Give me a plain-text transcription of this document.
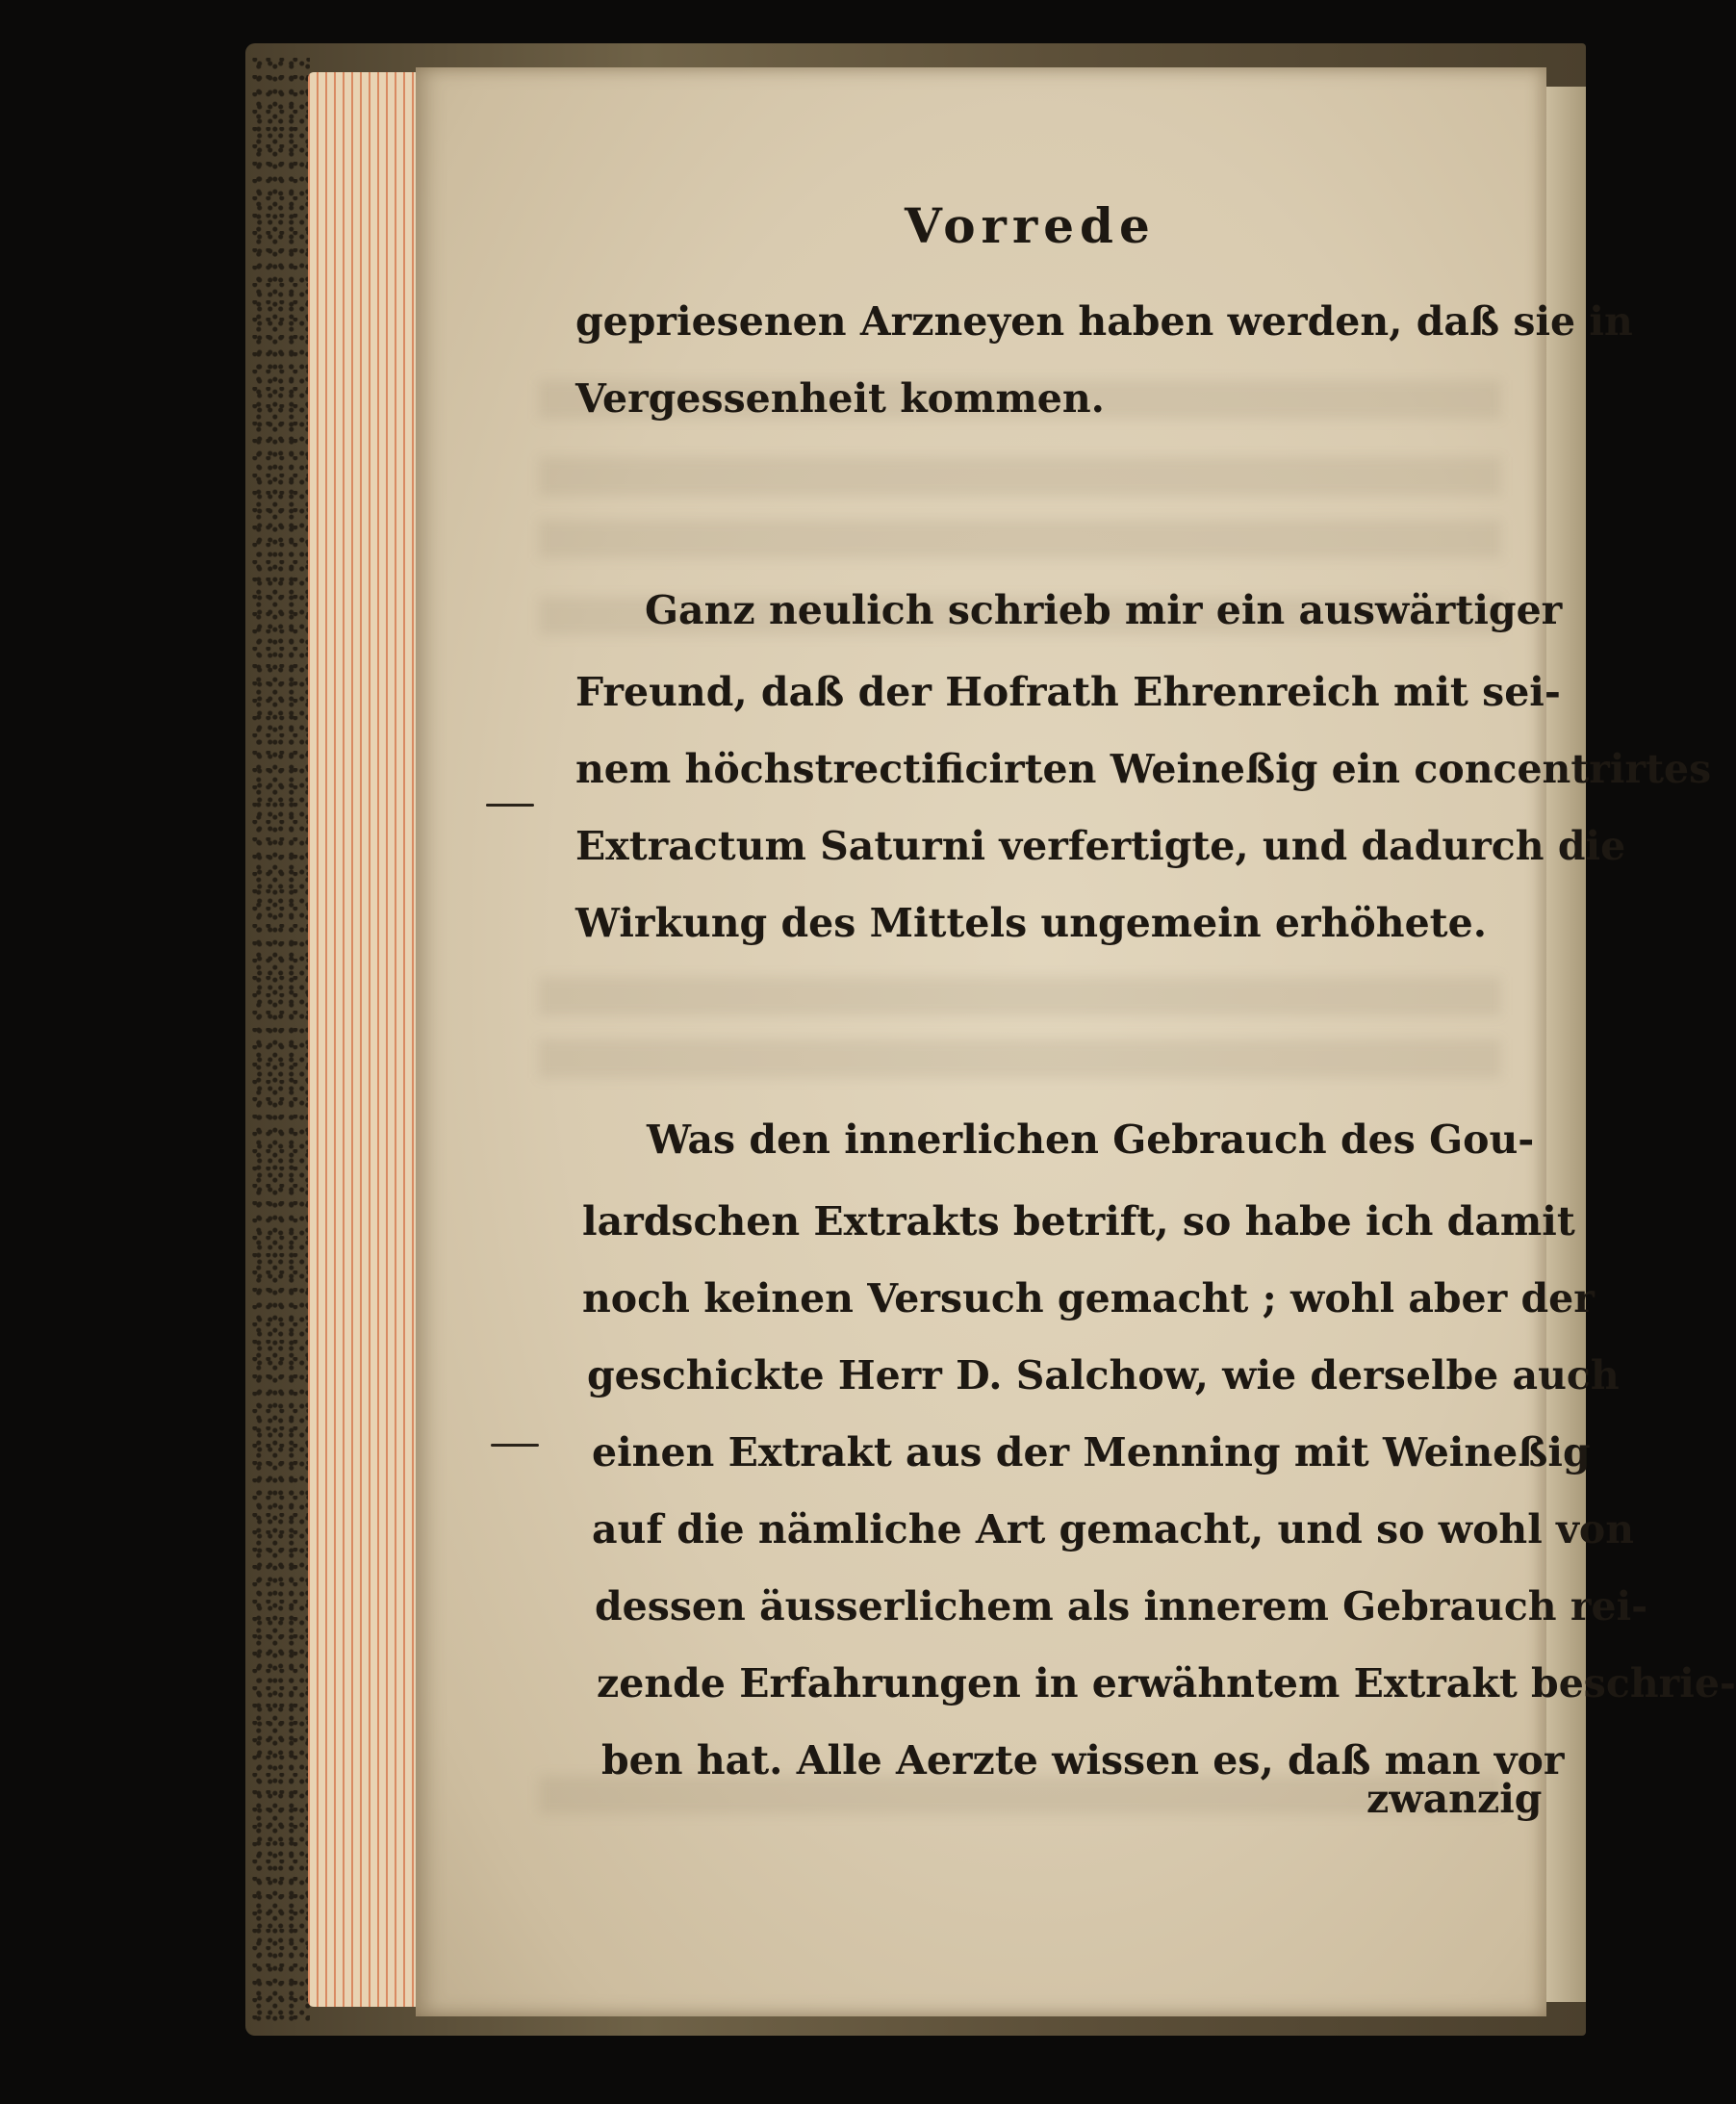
Vorrede
gepriesenen Arzneyen haben werden, daß sie in
Vergessenheit kommen.
Ganz neulich schrieb mir ein auswärtiger
Freund, daß der Hofrath Ehrenreich mit sei-
nem höchstrectificirten Weineßig ein concentrirtes
Extractum Saturni verfertigte, und dadurch die
Wirkung des Mittels ungemein erhöhete.
Was den innerlichen Gebrauch des Gou-
lardschen Extrakts betrift, so habe ich damit
noch keinen Versuch gemacht ; wohl aber der
geschickte Herr D. Salchow, wie derselbe auch
einen Extrakt aus der Menning mit Weineßig
auf die nämliche Art gemacht, und so wohl von
dessen äusserlichem als innerem Gebrauch rei-
zende Erfahrungen in erwähntem Extrakt beschrie-
ben hat. Alle Aerzte wissen es, daß man vor
zwanzig
